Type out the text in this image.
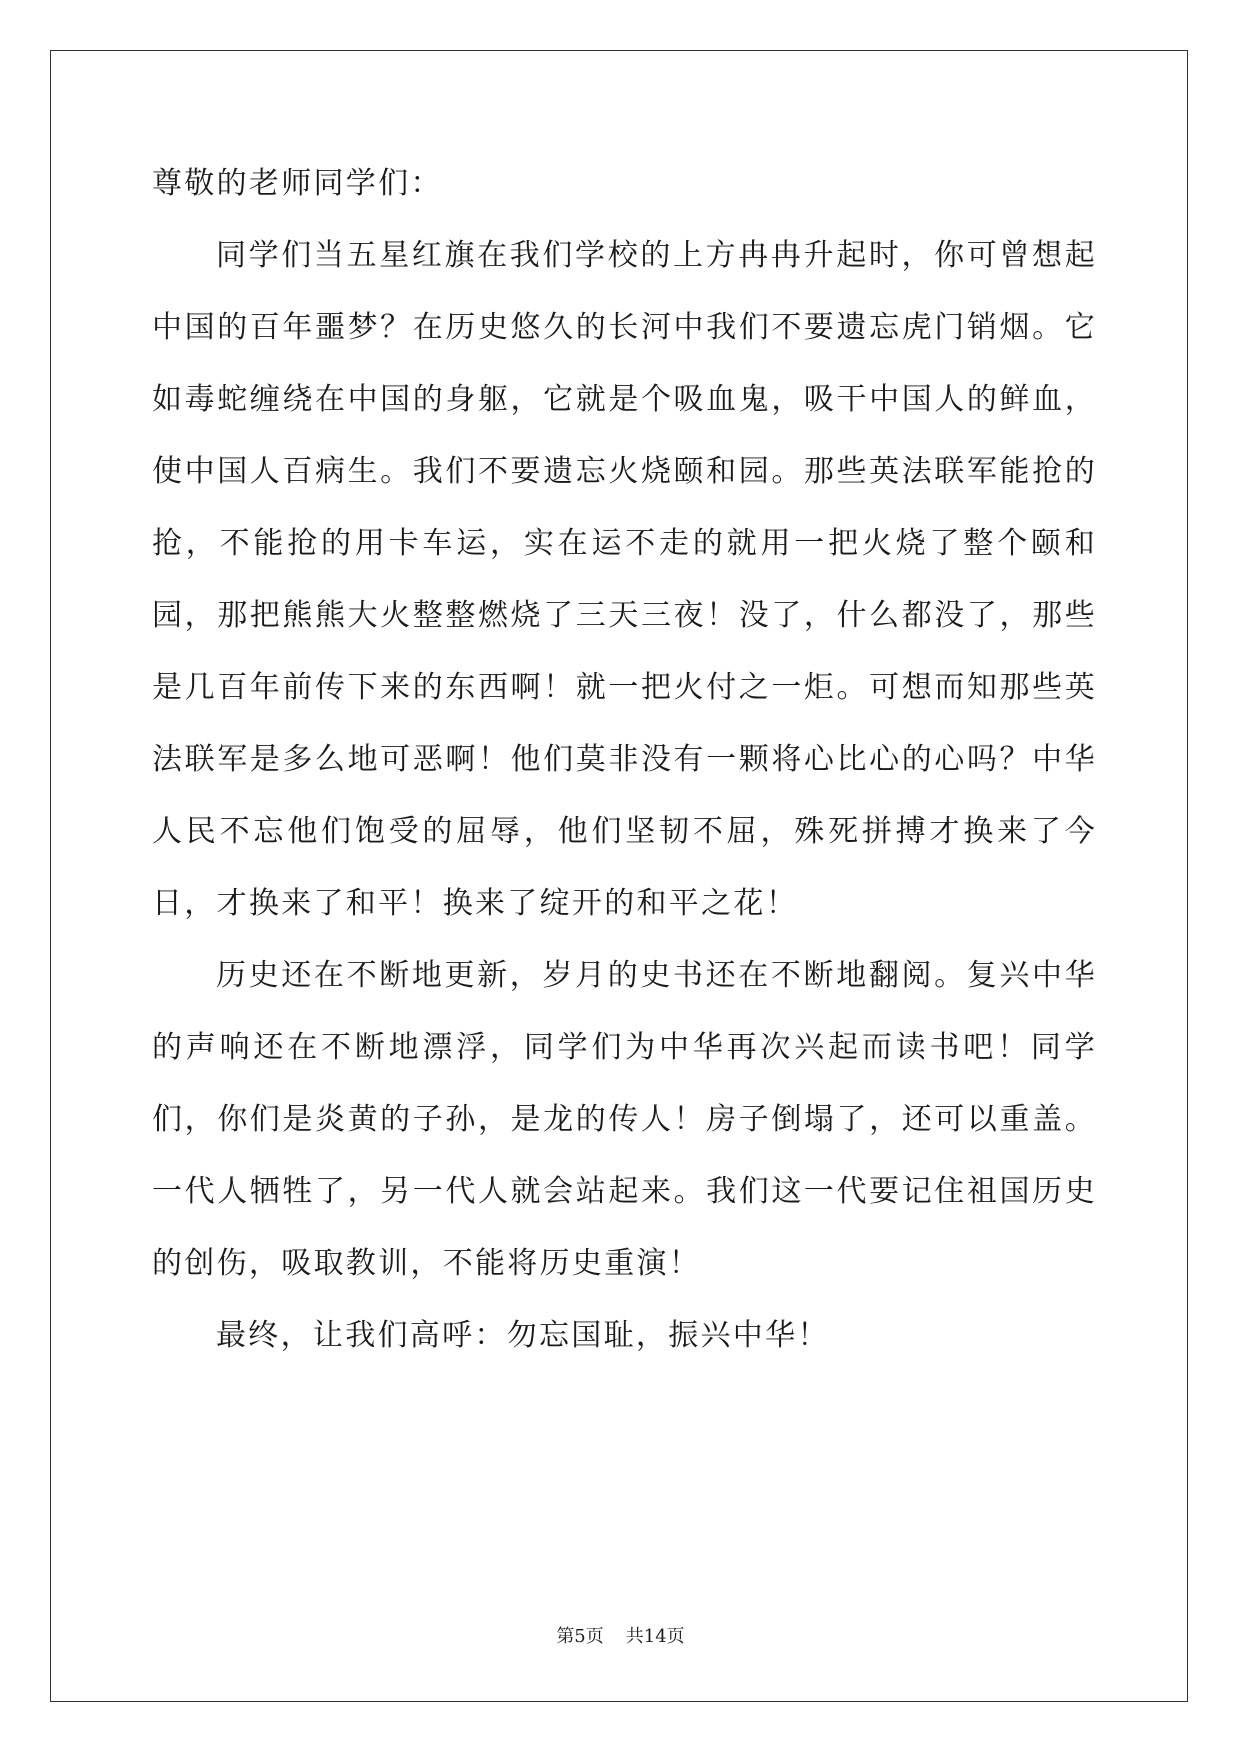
尊敬的老师同学们：

同学们当五星红旗在我们学校的上方冉冉升起时，你可曾想起中国的百年噩梦？在历史悠久的长河中我们不要遗忘虎门销烟。它如毒蛇缠绕在中国的身躯，它就是个吸血鬼，吸干中国人的鲜血，使中国人百病生。我们不要遗忘火烧颐和园。那些英法联军能抢的抢，不能抢的用卡车运，实在运不走的就用一把火烧了整个颐和园，那把熊熊大火整整燃烧了三天三夜！没了，什么都没了，那些是几百年前传下来的东西啊！就一把火付之一炬。可想而知那些英法联军是多么地可恶啊！他们莫非没有一颗将心比心的心吗？中华人民不忘他们饱受的屈辱，他们坚韧不屈，殊死拼搏才换来了今日，才换来了和平！换来了绽开的和平之花！

历史还在不断地更新，岁月的史书还在不断地翻阅。复兴中华的声响还在不断地漂浮，同学们为中华再次兴起而读书吧！同学们，你们是炎黄的子孙，是龙的传人！房子倒塌了，还可以重盖。一代人牺牲了，另一代人就会站起来。我们这一代要记住祖国历史的创伤，吸取教训，不能将历史重演！

最终，让我们高呼：勿忘国耻，振兴中华！

第5页 共14页
